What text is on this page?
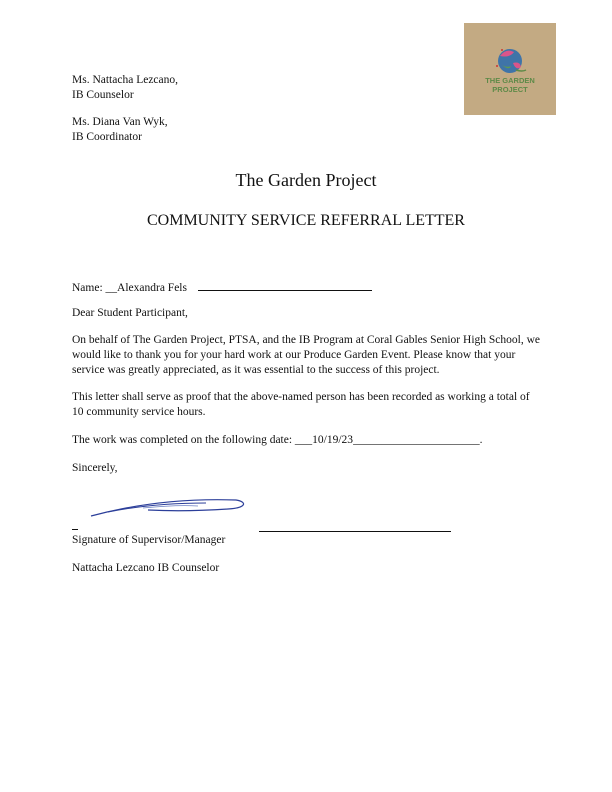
Ms. Nattacha Lezcano,
IB Counselor
Ms. Diana Van Wyk,
IB Coordinator
THE GARDEN
PROJECT
The Garden Project
COMMUNITY SERVICE REFERRAL LETTER
Name: __Alexandra Fels
Dear Student Participant,
On behalf of The Garden Project, PTSA, and the IB Program at Coral Gables Senior High School, we would like to thank you for your hard work at our Produce Garden Event. Please know that your service was greatly appreciated, as it was essential to the success of this project.
This letter shall serve as proof that the above-named person has been recorded as working a total of 10 community service hours.
The work was completed on the following date: ___10/19/23______________________.
Sincerely,
Signature of Supervisor/Manager
Nattacha Lezcano IB Counselor
